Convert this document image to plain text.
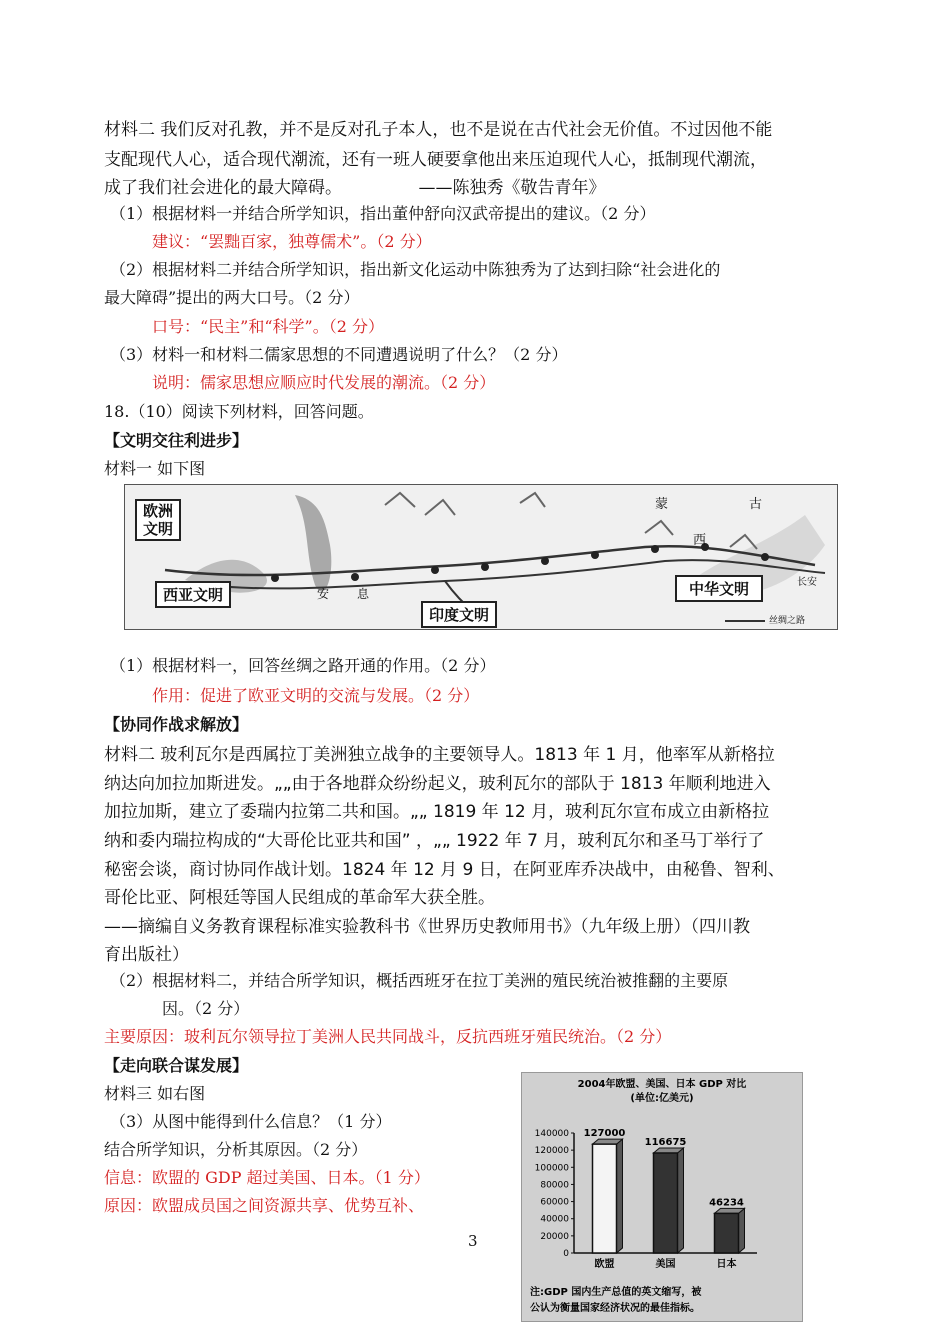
材料二 我们反对孔教，并不是反对孔子本人，也不是说在古代社会无价值。不过因他不能
支配现代人心，适合现代潮流，还有一班人硬要拿他出来压迫现代人心，抵制现代潮流，
成了我们社会进化的最大障碍。　　　　　——陈独秀《敬告青年》
（1）根据材料一并结合所学知识，指出董仲舒向汉武帝提出的建议。（2 分）
建议：“罢黜百家，独尊儒术”。（2 分）
（2）根据材料二并结合所学知识，指出新文化运动中陈独秀为了达到扫除“社会进化的
最大障碍”提出的两大口号。（2 分）
口号：“民主”和“科学”。（2 分）
（3）材料一和材料二儒家思想的不同遭遇说明了什么？（2 分）
说明：儒家思想应顺应时代发展的潮流。（2 分）
18.（10）阅读下列材料，回答问题。
【文明交往利进步】
材料一 如下图
欧洲
文明
西亚文明
印度文明
中华文明	长安
丝绸之路
蒙	古
西
安 息
（1）根据材料一，回答丝绸之路开通的作用。（2 分）
作用：促进了欧亚文明的交流与发展。（2 分）
【协同作战求解放】
材料二 玻利瓦尔是西属拉丁美洲独立战争的主要领导人。1813 年 1 月，他率军从新格拉
纳达向加拉加斯进发。„„由于各地群众纷纷起义，玻利瓦尔的部队于 1813 年顺利地进入
加拉加斯，建立了委瑞内拉第二共和国。„„ 1819 年 12 月，玻利瓦尔宣布成立由新格拉
纳和委内瑞拉构成的“大哥伦比亚共和国” ，„„ 1922 年 7 月，玻利瓦尔和圣马丁举行了
秘密会谈，商讨协同作战计划。1824 年 12 月 9 日，在阿亚库乔决战中，由秘鲁、智利、
哥伦比亚、阿根廷等国人民组成的革命军大获全胜。
——摘编自义务教育课程标准实验教科书《世界历史教师用书》（九年级上册）（四川教
育出版社）
（2）根据材料二，并结合所学知识，概括西班牙在拉丁美洲的殖民统治被推翻的主要原
因。（2 分）
主要原因：玻利瓦尔领导拉丁美洲人民共同战斗，反抗西班牙殖民统治。（2 分）
【走向联合谋发展】
材料三 如右图
（3）从图中能得到什么信息？（1 分）
结合所学知识，分析其原因。（2 分）
信息：欧盟的 GDP 超过美国、日本。（1 分）
原因：欧盟成员国之间资源共享、优势互补、
2004年欧盟、美国、日本 GDP 对比
(单位:亿美元)
0
20000
40000
60000
80000
100000
120000
140000 127000
欧盟
116675
美国
46234
日本
注:GDP 国内生产总值的英文缩写，被
公认为衡量国家经济状况的最佳指标。
3
